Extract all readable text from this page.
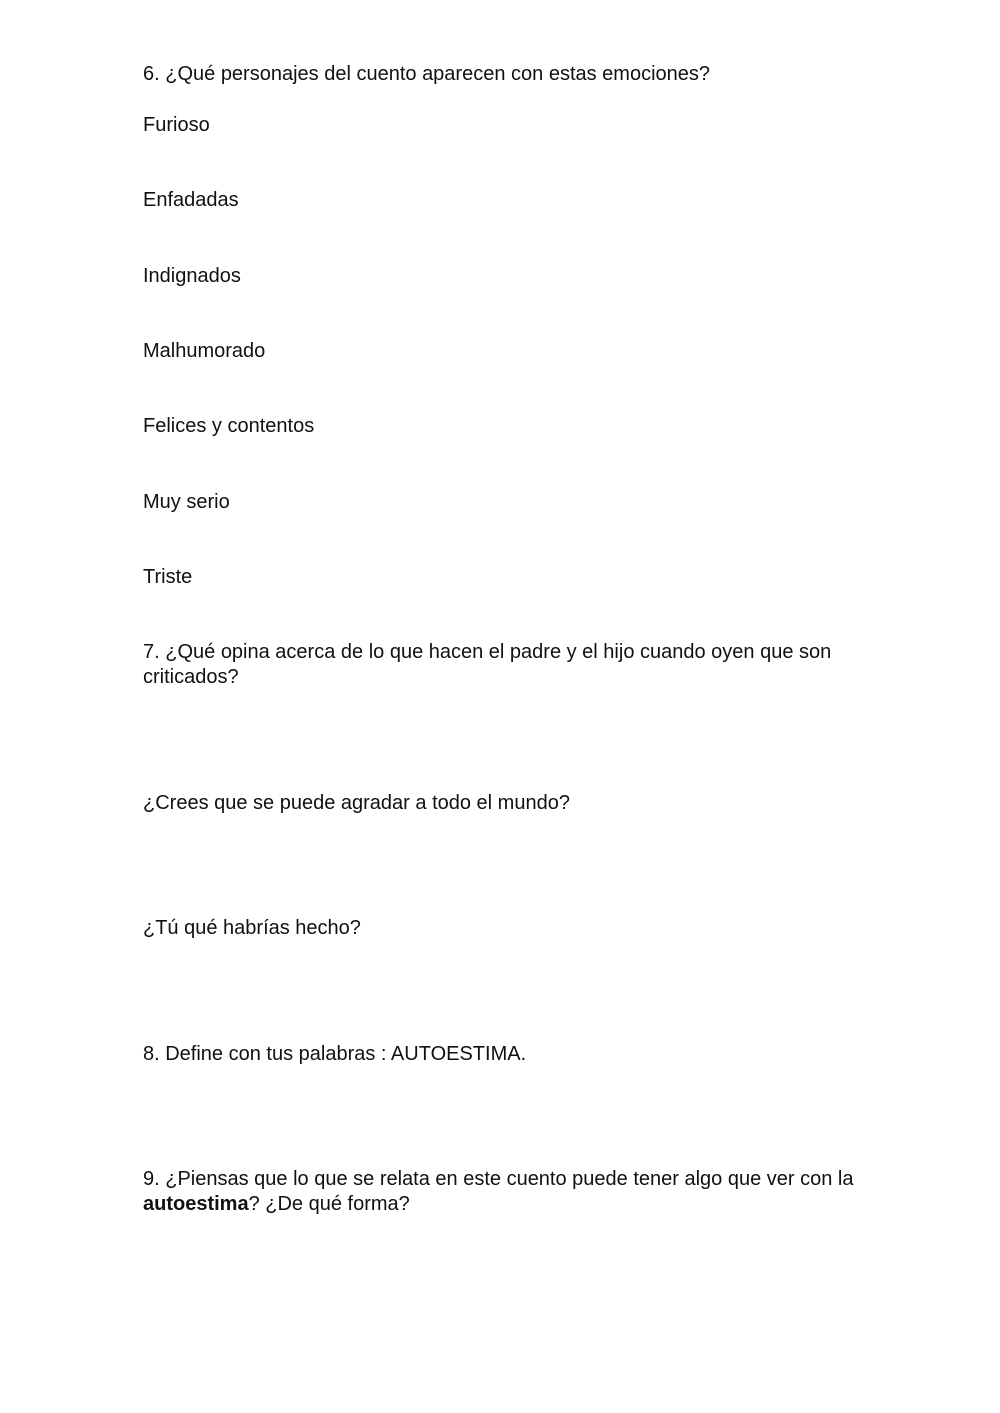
6. ¿Qué personajes del cuento aparecen con estas emociones?

Furioso

Enfadadas

Indignados

Malhumorado

Felices y contentos

Muy serio

Triste

7. ¿Qué opina acerca de lo que hacen el padre y el hijo cuando oyen que son criticados?

¿Crees que se puede agradar a todo el mundo?

¿Tú qué habrías hecho?

8. Define con tus palabras : AUTOESTIMA.

9. ¿Piensas que lo que se relata en este cuento puede tener algo que ver con la autoestima? ¿De qué forma?
